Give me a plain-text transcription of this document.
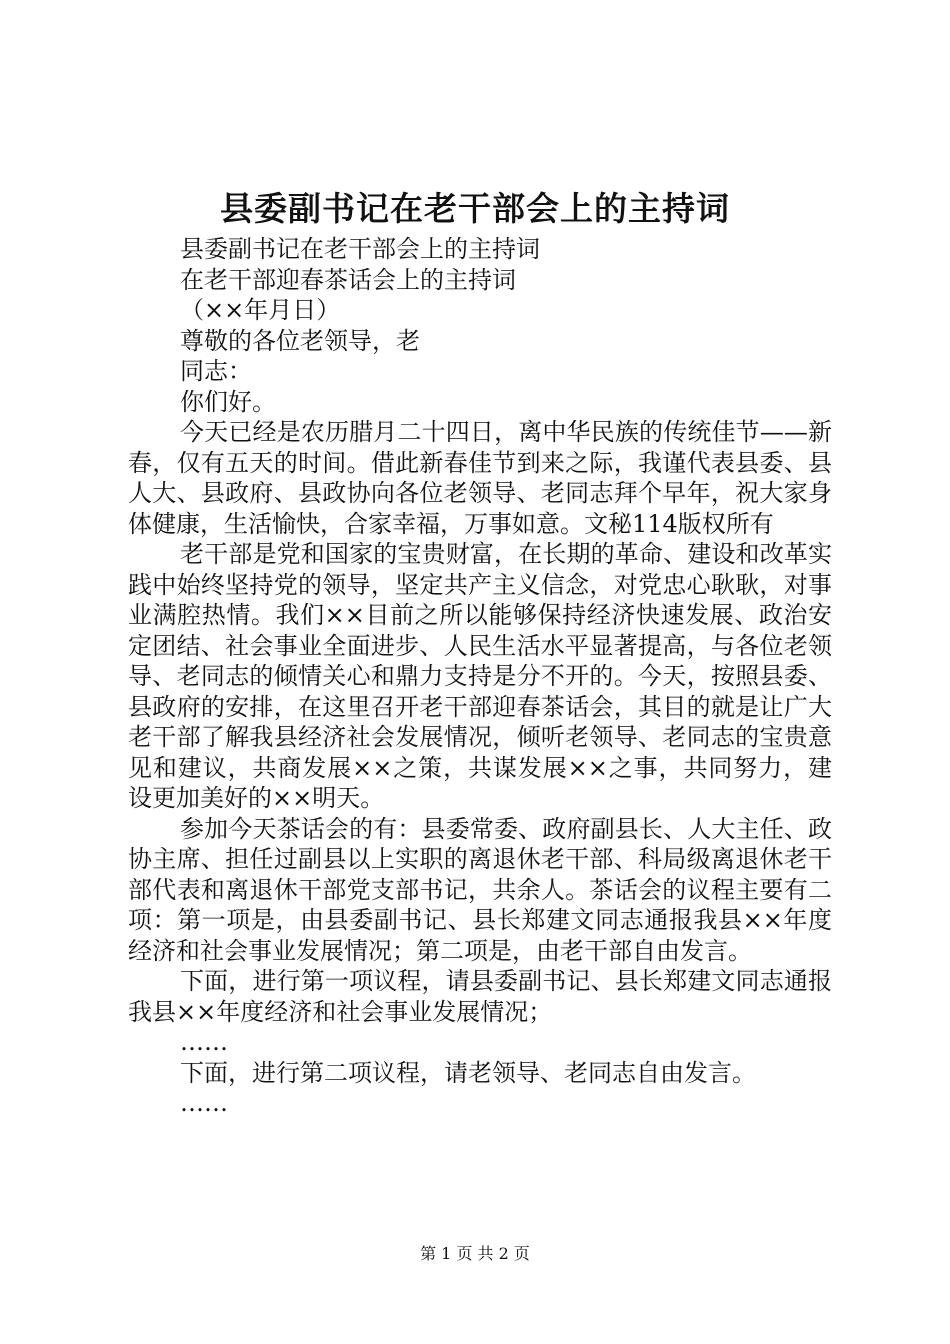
县委副书记在老干部会上的主持词

县委副书记在老干部会上的主持词

在老干部迎春茶话会上的主持词

（××年月日）

尊敬的各位老领导，老

同志：

你们好。

今天已经是农历腊月二十四日，离中华民族的传统佳节——新春，仅有五天的时间。借此新春佳节到来之际，我谨代表县委、县人大、县政府、县政协向各位老领导、老同志拜个早年，祝大家身体健康，生活愉快，合家幸福，万事如意。文秘114版权所有

老干部是党和国家的宝贵财富，在长期的革命、建设和改革实践中始终坚持党的领导，坚定共产主义信念，对党忠心耿耿，对事业满腔热情。我们××目前之所以能够保持经济快速发展、政治安定团结、社会事业全面进步、人民生活水平显著提高，与各位老领导、老同志的倾情关心和鼎力支持是分不开的。今天，按照县委、县政府的安排，在这里召开老干部迎春茶话会，其目的就是让广大老干部了解我县经济社会发展情况，倾听老领导、老同志的宝贵意见和建议，共商发展××之策，共谋发展××之事，共同努力，建设更加美好的××明天。

参加今天茶话会的有：县委常委、政府副县长、人大主任、政协主席、担任过副县以上实职的离退休老干部、科局级离退休老干部代表和离退休干部党支部书记，共余人。茶话会的议程主要有二项：第一项是，由县委副书记、县长郑建文同志通报我县××年度经济和社会事业发展情况；第二项是，由老干部自由发言。

下面，进行第一项议程，请县委副书记、县长郑建文同志通报我县××年度经济和社会事业发展情况；

……

下面，进行第二项议程，请老领导、老同志自由发言。

……

第 1 页 共 2 页
